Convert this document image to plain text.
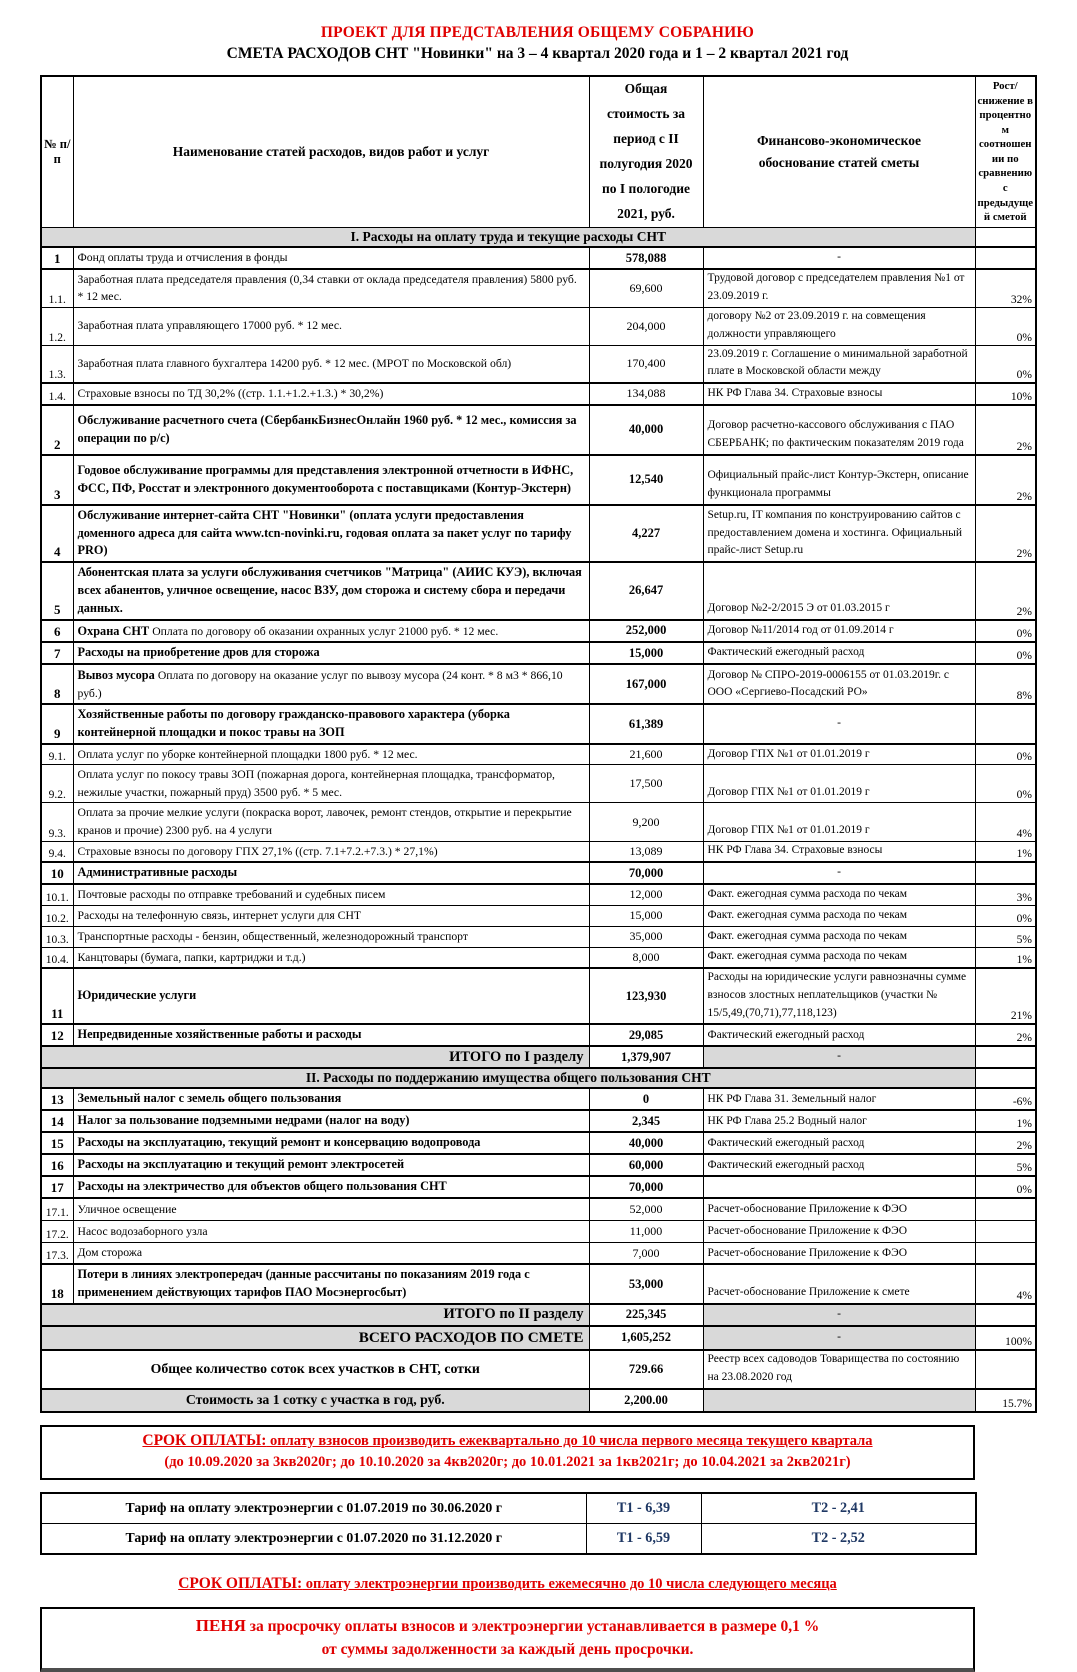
ПРОЕКТ ДЛЯ ПРЕДСТАВЛЕНИЯ ОБЩЕМУ СОБРАНИЮ
СМЕТА РАСХОДОВ СНТ "Новинки" на 3 – 4 квартал 2020 года и 1 – 2 квартал 2021 год
№ п/п	Наименование статей расходов, видов работ и услуг	Общая стоимость за период с II полугодия 2020 по I пологодие 2021, руб.	Финансово-экономическое обоснование статей сметы	Рост/снижение в процентном соотношении по сравнению с предыдущей сметой
I. Расходы на оплату труда и текущие расходы СНТ				
1	Фонд оплаты труда и отчисления в фонды	578,088	-	
1.1.	Заработная плата председателя правления (0,34 ставки от оклада председателя правления) 5800 руб. * 12 мес.	69,600	Трудовой договор с председателем правления №1 от 23.09.2019 г.	32%
1.2.	Заработная плата управляющего 17000 руб. * 12 мес.	204,000	договору №2 от 23.09.2019 г. на совмещения должности управляющего	0%
1.3.	Заработная плата главного бухгалтера 14200 руб. * 12 мес. (МРОТ по Московской обл)	170,400	23.09.2019 г. Соглашение о минимальной заработной плате в Московской области между	0%
1.4.	Страховые взносы по ТД 30,2% ((стр. 1.1.+1.2.+1.3.) * 30,2%)	134,088	НК РФ Глава 34. Страховые взносы	10%
2	Обслуживание расчетного счета (СбербанкБизнесОнлайн 1960 руб. * 12 мес., комиссия за операции по р/с)	40,000	Договор расчетно-кассового обслуживания с ПАО СБЕРБАНК; по фактическим показателям 2019 года	2%
3	Годовое обслуживание программы для представления электронной отчетности в ИФНС, ФСС, ПФ, Росстат и электронного документооборота с поставщиками (Контур-Экстерн)	12,540	Официальный прайс-лист Контур-Экстерн, описание функционала программы	2%
4	Обслуживание интернет-сайта СНТ "Новинки" (оплата услуги предоставления доменного адреса для сайта www.tcn-novinki.ru, годовая оплата за пакет услуг по тарифу PRO)	4,227	Setup.ru, IT компания по конструированию сайтов с предоставлением домена и хостинга. Официальный прайс-лист Setup.ru	2%
5	Абонентская плата за услуги обслуживания счетчиков "Матрица" (АИИС КУЭ), включая всех абанентов, уличное освещение, насос ВЗУ, дом сторожа и систему сбора и передачи данных.	26,647	Договор №2-2/2015 Э от 01.03.2015 г	2%
6	Охрана СНТ Оплата по договору об оказании охранных услуг 21000 руб. * 12 мес.	252,000	Договор №11/2014 год от 01.09.2014 г	0%
7	Расходы на приобретение дров для сторожа	15,000	Фактический ежегодный расход	0%
8	Вывоз мусора Оплата по договору на оказание услуг по вывозу мусора (24 конт. * 8 м3 * 866,10 руб.)	167,000	Договор № СПРО-2019-0006155 от 01.03.2019г. с ООО «Сергиево-Посадский РО»	8%
9	Хозяйственные работы по договору гражданско-правового характера (уборка контейнерной площадки и покос травы на ЗОП	61,389	-	
9.1.	Оплата услуг по уборке контейнерной площадки 1800 руб. * 12 мес.	21,600	Договор ГПХ №1 от 01.01.2019 г	0%
9.2.	Оплата услуг по покосу травы ЗОП (пожарная дорога, контейнерная площадка, трансформатор, нежилые участки, пожарный пруд) 3500 руб. * 5 мес.	17,500	Договор ГПХ №1 от 01.01.2019 г	0%
9.3.	Оплата за прочие мелкие услуги (покраска ворот, лавочек, ремонт стендов, открытие и перекрытие кранов и прочие) 2300 руб. на 4 услуги	9,200	Договор ГПХ №1 от 01.01.2019 г	4%
9.4.	Страховые взносы по договору ГПХ 27,1% ((стр. 7.1+7.2.+7.3.) * 27,1%)	13,089	НК РФ Глава 34. Страховые взносы	1%
10	Административные расходы	70,000	-	
10.1.	Почтовые расходы по отправке требований и судебных писем	12,000	Факт. ежегодная сумма расхода по чекам	3%
10.2.	Расходы на телефонную связь, интернет услуги для СНТ	15,000	Факт. ежегодная сумма расхода по чекам	0%
10.3.	Транспортные расходы - бензин, общественный, железнодорожный транспорт	35,000	Факт. ежегодная сумма расхода по чекам	5%
10.4.	Канцтовары (бумага, папки, картриджи и т.д.)	8,000	Факт. ежегодная сумма расхода по чекам	1%
11	Юридические услуги	123,930	Расходы на юридические услуги равнозначны сумме взносов злостных неплательщиков (участки № 15/5,49,(70,71),77,118,123)	21%
12	Непредвиденные хозяйственные работы и расходы	29,085	Фактический ежегодный расход	2%
ИТОГО по I разделу		1,379,907	-	
II. Расходы по поддержанию имущества общего пользования СНТ				
13	Земельный налог с земель общего пользования	0	НК РФ Глава 31. Земельный налог	-6%
14	Налог за пользование подземными недрами (налог на воду)	2,345	НК РФ Глава 25.2 Водный налог	1%
15	Расходы на эксплуатацию, текущий ремонт и консервацию водопровода	40,000	Фактический ежегодный расход	2%
16	Расходы на эксплуатацию и текущий ремонт электросетей	60,000	Фактический ежегодный расход	5%
17	Расходы на электричество для объектов общего пользования СНТ	70,000		0%
17.1.	Уличное освещение	52,000	Расчет-обоснование Приложение к ФЭО	
17.2.	Насос водозаборного узла	11,000	Расчет-обоснование Приложение к ФЭО	
17.3.	Дом сторожа	7,000	Расчет-обоснование Приложение к ФЭО	
18	Потери в линиях электропередач (данные рассчитаны по показаниям 2019 года с применением действующих тарифов ПАО Мосэнергосбыт)	53,000	Расчет-обоснование Приложение к смете	4%
ИТОГО по II разделу		225,345	-	
ВСЕГО РАСХОДОВ ПО СМЕТЕ		1,605,252	-	100%
Общее количество соток всех участков в СНТ, сотки		729.66	Реестр всех садоводов Товарищества по состоянию на 23.08.2020 год	
Стоимость за 1 сотку с участка в год, руб.		2,200.00		15.7%
СРОК ОПЛАТЫ: оплату взносов производить ежеквартально до 10 числа первого месяца текущего квартала
(до 10.09.2020 за 3кв2020г; до 10.10.2020 за 4кв2020г; до 10.01.2021 за 1кв2021г; до 10.04.2021 за 2кв2021г)
Тариф на оплату электроэнергии с 01.07.2019 по 30.06.2020 г	Т1 - 6,39	Т2 - 2,41
Тариф на оплату электроэнергии с 01.07.2020 по 31.12.2020 г	Т1 - 6,59	Т2 - 2,52
СРОК ОПЛАТЫ: оплату электроэнергии производить ежемесячно до 10 числа следующего месяца
ПЕНЯ за просрочку оплаты взносов и электроэнергии устанавливается в размере 0,1 %
от суммы задолженности за каждый день просрочки.
